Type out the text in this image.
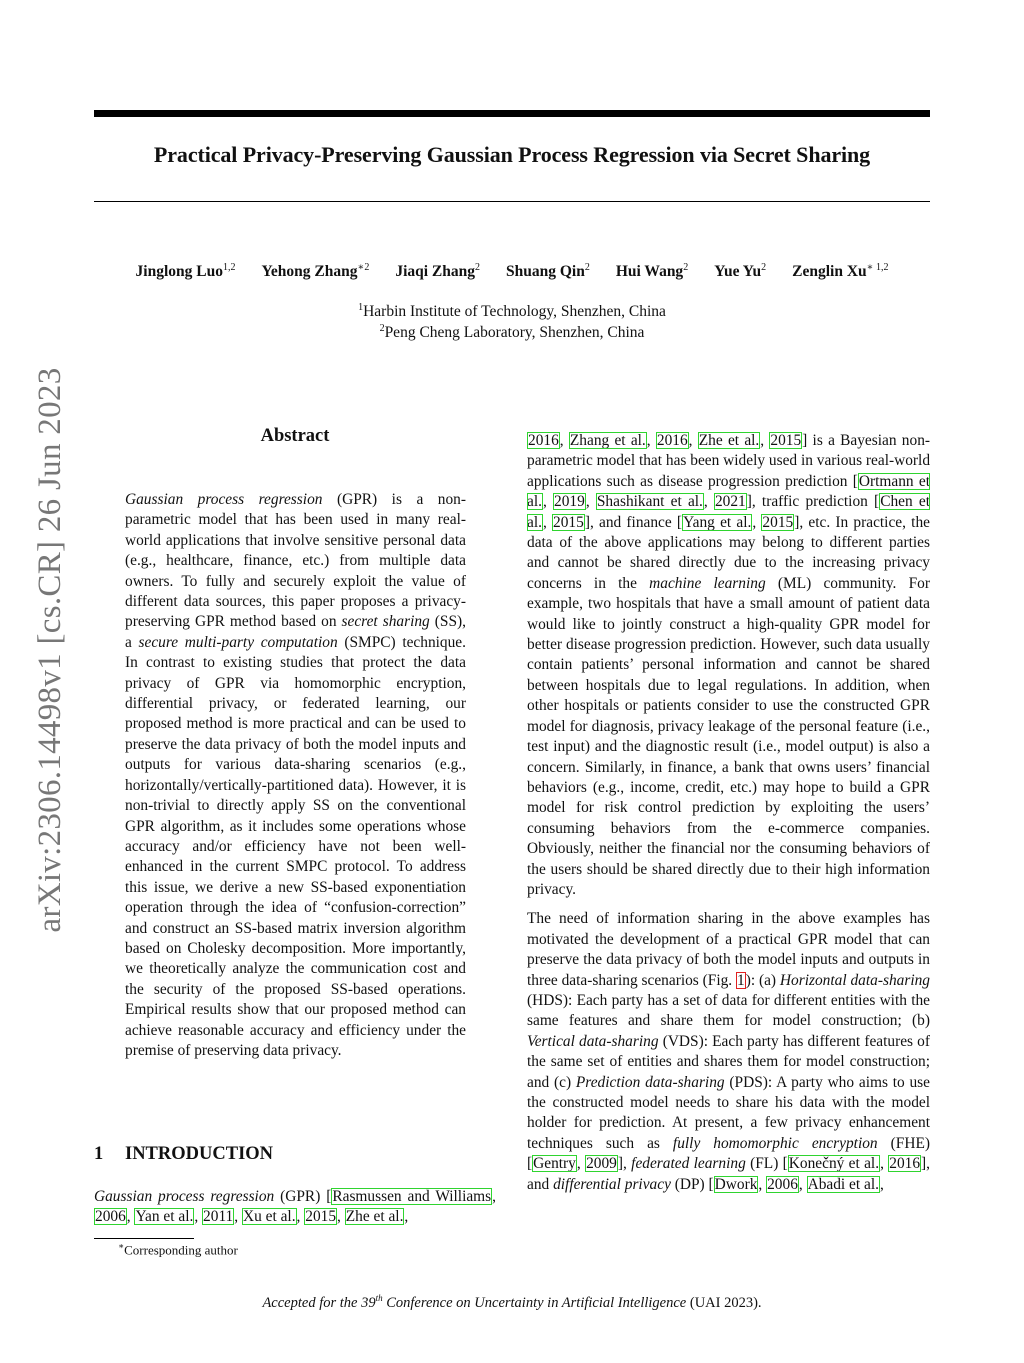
Practical Privacy-Preserving Gaussian Process Regression via Secret Sharing
Jinglong Luo$^{1,2}$ Yehong Zhang$^{∗2}$ Jiaqi Zhang$^2$ Shuang Qin$^2$ Hui Wang$^2$ Yue Yu$^2$ Zenglin $Xu^{∗ 1,2}$
$^1$Harbin Institute of Technology, Shenzhen, China
$^2$Peng Cheng Laboratory, Shenzhen, China
arXiv:2306.14498v1 [cs.CR] 26 Jun 2023	Abstract
Gaussian process regression (GPR) is a non-parametric model that has been used in many real-world applications that involve sensitive personal data (e.g., healthcare, finance, etc.) from multiple data owners. To fully and securely exploit the value of different data sources, this paper proposes a privacy-preserving GPR method based on secret sharing (SS), a secure multi-party computation (SMPC) technique. In contrast to existing studies that protect the data privacy of GPR via homomorphic encryption, differential privacy, or federated learning, our proposed method is more practical and can be used to preserve the data privacy of both the model inputs and outputs for various data-sharing scenarios (e.g., horizontally/vertically-partitioned data). However, it is non-trivial to directly apply SS on the conventional GPR algorithm, as it includes some operations whose accuracy and/or efficiency have not been well-enhanced in the current SMPC protocol. To address this issue, we derive a new SS-based exponentiation operation through the idea of “confusion-correction” and construct an SS-based matrix inversion algorithm based on Cholesky decomposition. More importantly, we theoretically analyze the communication cost and the security of the proposed SS-based operations. Empirical results show that our proposed method can achieve reasonable accuracy and efficiency under the premise of preserving data privacy.
1 INTRODUCTION
Gaussian process regression (GPR) [Rasmussen and Williams, 2006, Yan et al., 2011, Xu et al., 2015, Zhe et al.,
∗Corresponding author

2016, Zhang et al., 2016, Zhe et al., 2015] is a Bayesian non-parametric model that has been widely used in various real-world applications such as disease progression prediction [Ortmann et al., 2019, Shashikant et al., 2021], traffic prediction [Chen et al., 2015], and finance [Yang et al., 2015], etc. In practice, the data of the above applications may belong to different parties and cannot be shared directly due to the increasing privacy concerns in the machine learning (ML) community. For example, two hospitals that have a small amount of patient data would like to jointly construct a high-quality GPR model for better disease progression prediction. However, such data usually contain patients’ personal information and cannot be shared between hospitals due to legal regulations. In addition, when other hospitals or patients consider to use the constructed GPR model for diagnosis, privacy leakage of the personal feature (i.e., test input) and the diagnostic result (i.e., model output) is also a concern. Similarly, in finance, a bank that owns users’ financial behaviors (e.g., income, credit, etc.) may hope to build a GPR model for risk control prediction by exploiting the users’ consuming behaviors from the e-commerce companies. Obviously, neither the financial nor the consuming behaviors of the users should be shared directly due to their high information privacy.

The need of information sharing in the above examples has motivated the development of a practical GPR model that can preserve the data privacy of both the model inputs and outputs in three data-sharing scenarios (Fig. 1): (a) Horizontal data-sharing (HDS): Each party has a set of data for different entities with the same features and share them for model construction; (b) Vertical data-sharing (VDS): Each party has different features of the same set of entities and shares them for model construction; and (c) Prediction data-sharing (PDS): A party who aims to use the constructed model needs to share his data with the model holder for prediction. At present, a few privacy enhancement techniques such as fully homomorphic encryption (FHE) [Gentry, 2009], federated learning (FL) [Konečný et al., 2016], and differential privacy (DP) [Dwork, 2006, Abadi et al.,

Accepted for the 39th Conference on Uncertainty in Artificial Intelligence (UAI 2023).
